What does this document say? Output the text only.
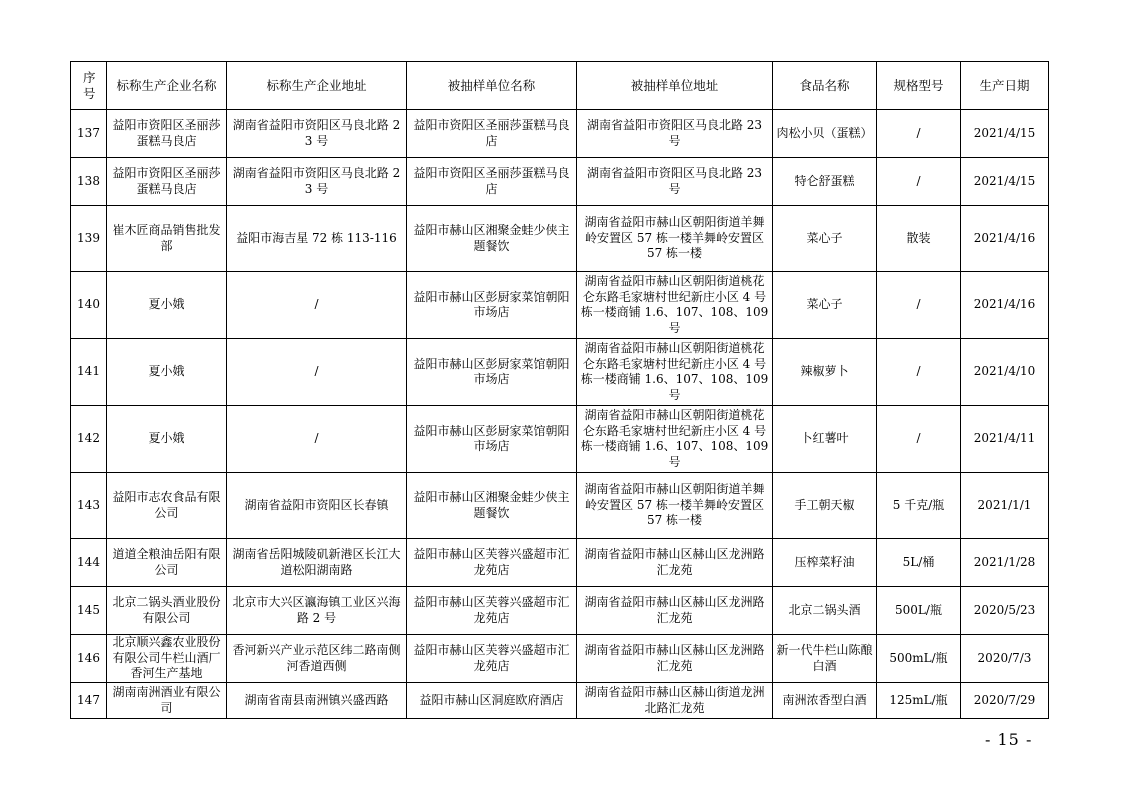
序号	标称生产企业名称	标称生产企业地址	被抽样单位名称	被抽样单位地址	食品名称	规格型号	生产日期
137	益阳市资阳区圣丽莎蛋糕马良店	湖南省益阳市资阳区马良北路 23 号	益阳市资阳区圣丽莎蛋糕马良店	湖南省益阳市资阳区马良北路 23 号	肉松小贝（蛋糕）	/	2021/4/15
138	益阳市资阳区圣丽莎蛋糕马良店	湖南省益阳市资阳区马良北路 23 号	益阳市资阳区圣丽莎蛋糕马良店	湖南省益阳市资阳区马良北路 23 号	特仑舒蛋糕	/	2021/4/15
139	崔木匠商品销售批发部	益阳市海吉星 72 栋 113-116	益阳市赫山区湘聚金蛙少侠主题餐饮	湖南省益阳市赫山区朝阳街道羊舞岭安置区 57 栋一楼羊舞岭安置区 57 栋一楼	菜心子	散装	2021/4/16
140	夏小娥	/	益阳市赫山区彭厨家菜馆朝阳市场店	湖南省益阳市赫山区朝阳街道桃花仑东路毛家塘村世纪新庄小区 4 号栋一楼商铺 1.6、107、108、109 号	菜心子	/	2021/4/16
141	夏小娥	/	益阳市赫山区彭厨家菜馆朝阳市场店	湖南省益阳市赫山区朝阳街道桃花仑东路毛家塘村世纪新庄小区 4 号栋一楼商铺 1.6、107、108、109 号	辣椒萝卜	/	2021/4/10
142	夏小娥	/	益阳市赫山区彭厨家菜馆朝阳市场店	湖南省益阳市赫山区朝阳街道桃花仑东路毛家塘村世纪新庄小区 4 号栋一楼商铺 1.6、107、108、109 号	卜红薯叶	/	2021/4/11
143	益阳市志农食品有限公司	湖南省益阳市资阳区长春镇	益阳市赫山区湘聚金蛙少侠主题餐饮	湖南省益阳市赫山区朝阳街道羊舞岭安置区 57 栋一楼羊舞岭安置区 57 栋一楼	手工朝天椒	5 千克/瓶	2021/1/1
144	道道全粮油岳阳有限公司	湖南省岳阳城陵矶新港区长江大道松阳湖南路	益阳市赫山区芙蓉兴盛超市汇龙苑店	湖南省益阳市赫山区赫山区龙洲路汇龙苑	压榨菜籽油	5L/桶	2021/1/28
145	北京二锅头酒业股份有限公司	北京市大兴区瀛海镇工业区兴海路 2 号	益阳市赫山区芙蓉兴盛超市汇龙苑店	湖南省益阳市赫山区赫山区龙洲路汇龙苑	北京二锅头酒	500L/瓶	2020/5/23
146	北京顺兴鑫农业股份有限公司牛栏山酒厂香河生产基地	香河新兴产业示范区纬二路南侧河香道西侧	益阳市赫山区芙蓉兴盛超市汇龙苑店	湖南省益阳市赫山区赫山区龙洲路汇龙苑	新一代牛栏山陈酿白酒	500mL/瓶	2020/7/3
147	湖南南洲酒业有限公司	湖南省南县南洲镇兴盛西路	益阳市赫山区洞庭欧府酒店	湖南省益阳市赫山区赫山街道龙洲北路汇龙苑	南洲浓香型白酒	125mL/瓶	2020/7/29
- 15 -
